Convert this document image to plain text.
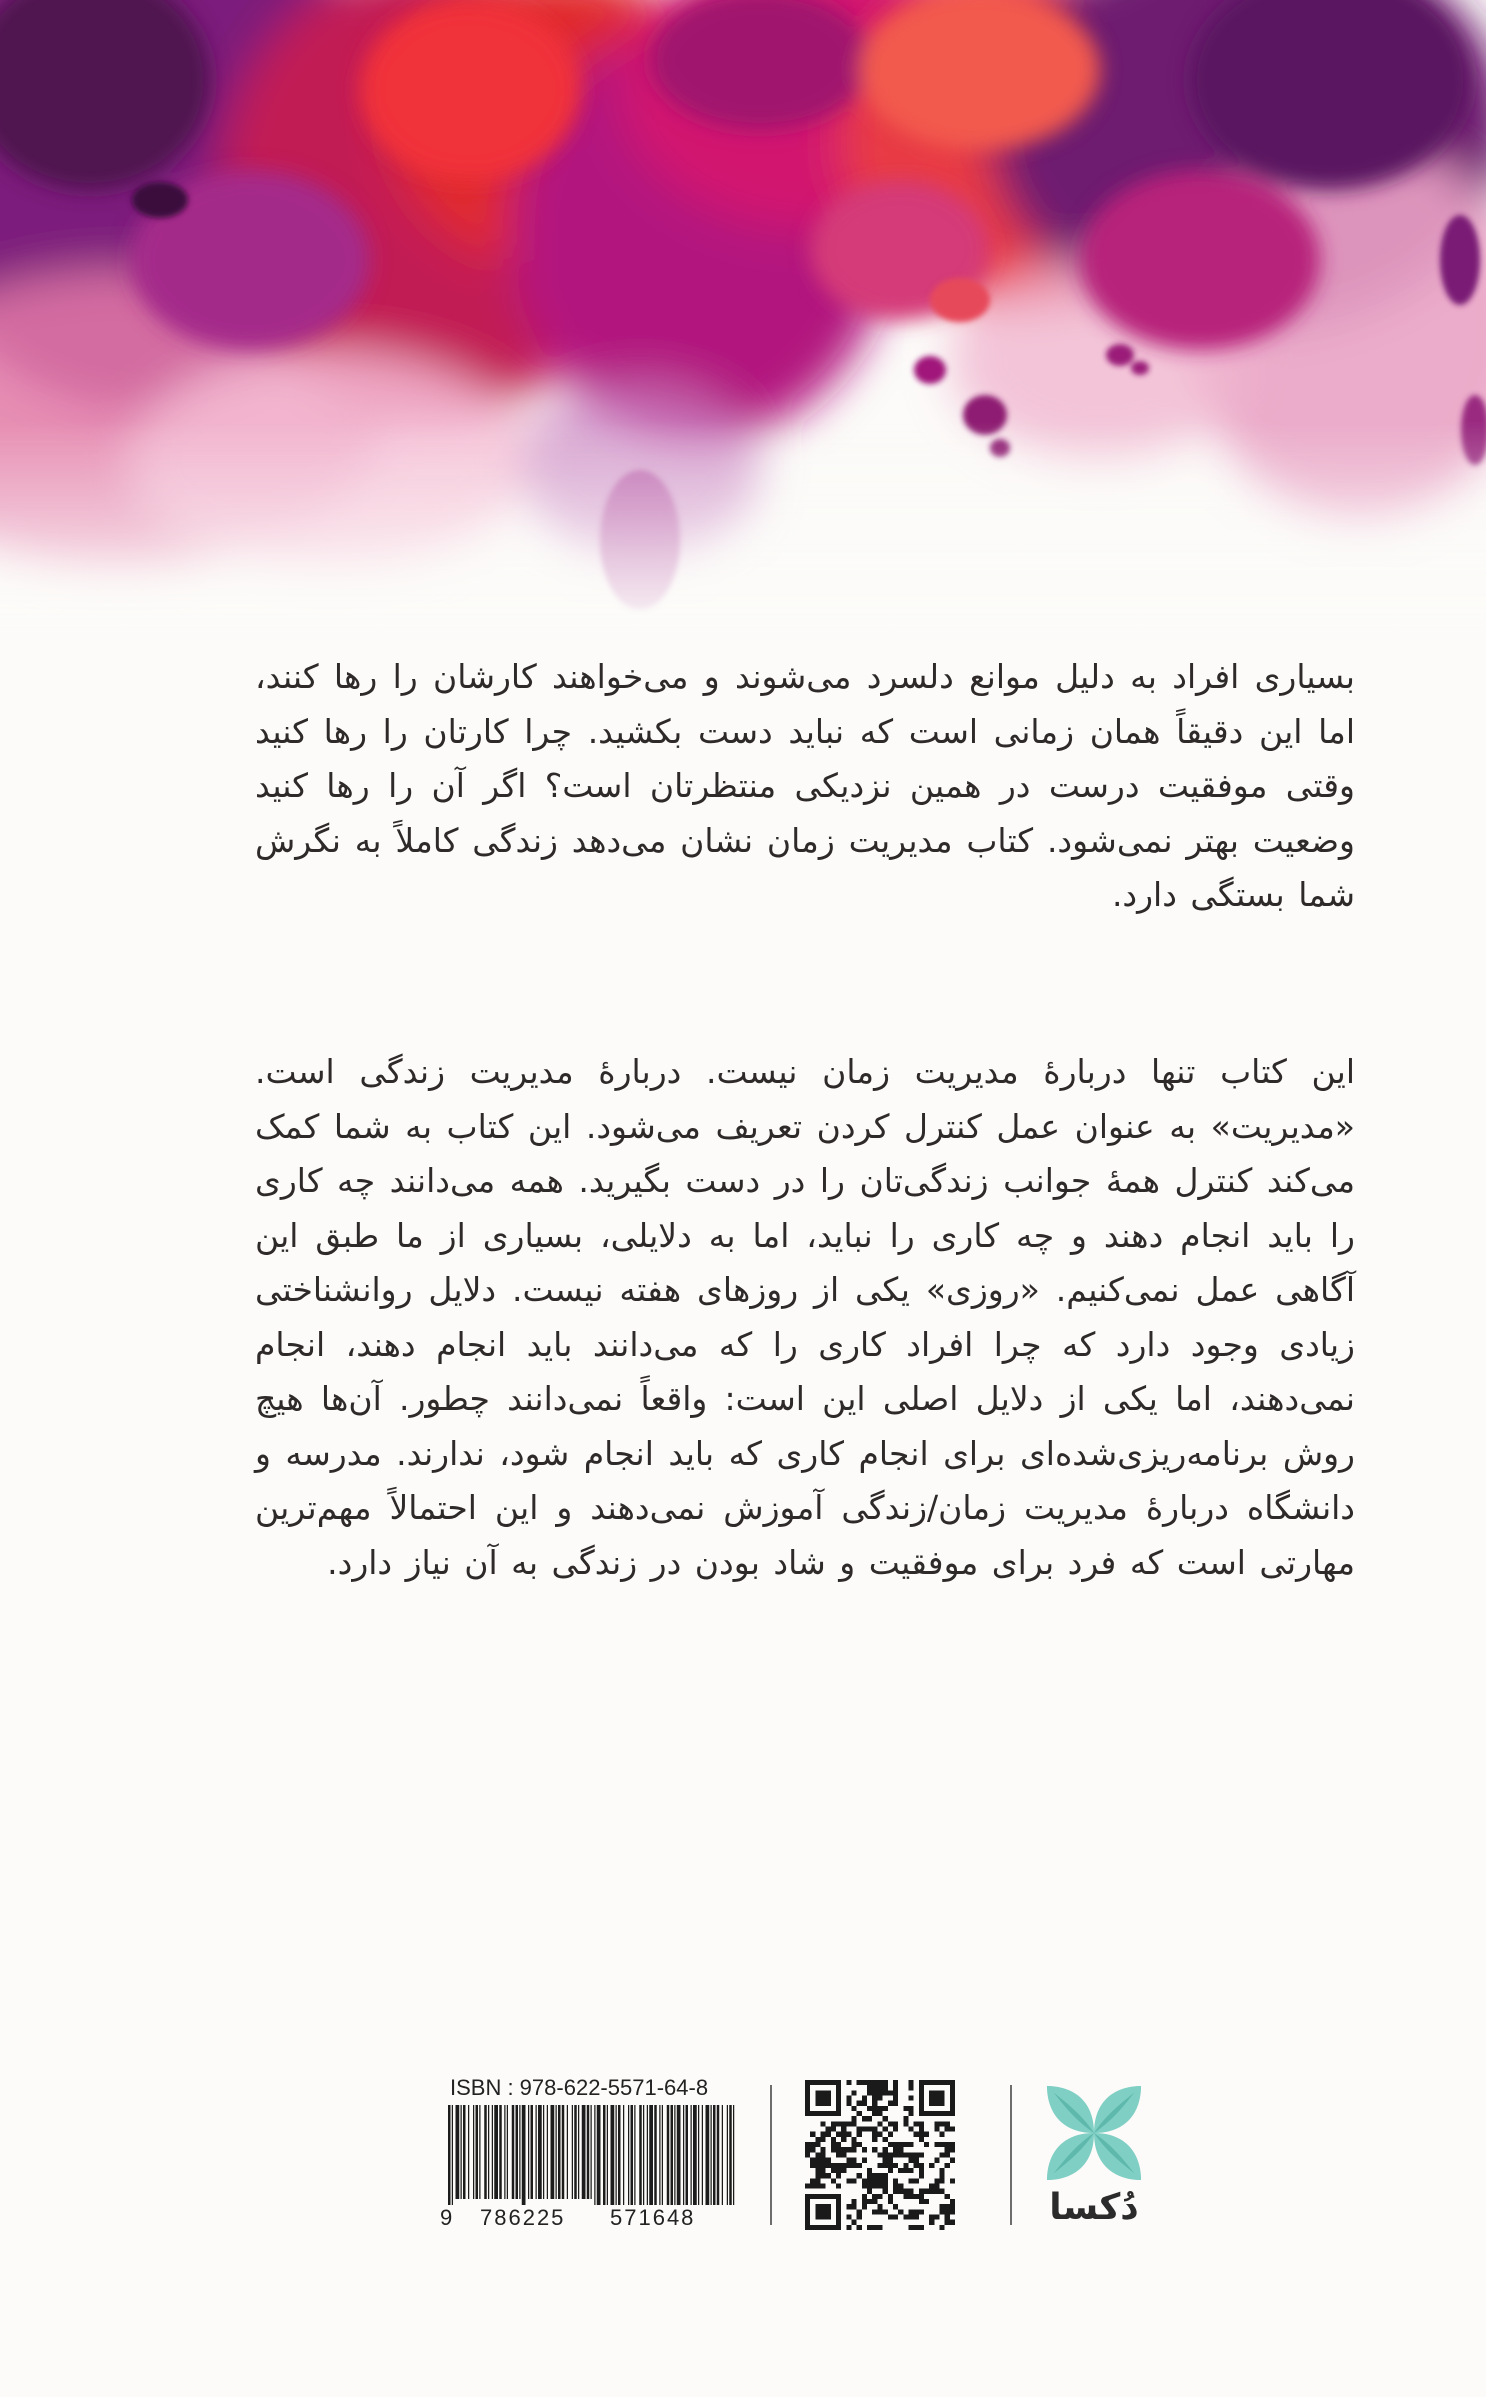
بسیاری افراد به دلیل موانع دلسرد می‌شوند و می‌خواهند کارشان را رها کنند، اما این دقیقاً همان زمانی است که نباید دست بکشید. چرا کارتان را رها کنید وقتی موفقیت درست در همین نزدیکی منتظرتان است؟ اگر آن را رها کنید وضعیت بهتر نمی‌شود. کتاب مدیریت زمان نشان می‌دهد زندگی کاملاً به نگرش شما بستگی دارد.
این کتاب تنها دربارهٔ مدیریت زمان نیست. دربارهٔ مدیریت زندگی است. «مدیریت» به عنوان عمل کنترل کردن تعریف می‌شود. این کتاب به شما کمک می‌کند کنترل همهٔ جوانب زندگی‌تان را در دست بگیرید. همه می‌دانند چه کاری را باید انجام دهند و چه کاری را نباید، اما به دلایلی، بسیاری از ما طبق این آگاهی عمل نمی‌کنیم. «روزی» یکی از روزهای هفته نیست. دلایل روانشناختی زیادی وجود دارد که چرا افراد کاری را که می‌دانند باید انجام دهند، انجام نمی‌دهند، اما یکی از دلایل اصلی این است: واقعاً نمی‌دانند چطور. آن‌ها هیچ روش برنامه‌ریزی‌شده‌ای برای انجام کاری که باید انجام شود، ندارند. مدرسه و دانشگاه دربارهٔ مدیریت زمان/زندگی آموزش نمی‌دهند و این احتمالاً مهم‌ترین مهارتی است که فرد برای موفقیت و شاد بودن در زندگی به آن نیاز دارد.
ISBN : 978-622-5571-64-8
9 786225 571648	دُکسا
